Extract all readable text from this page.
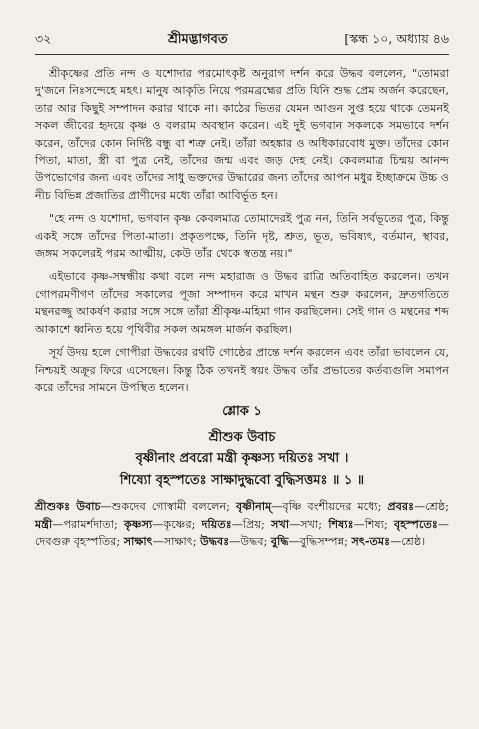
৩২	শ্রীমদ্ভাগবত	[স্কন্ধ ১০, অধ্যায় ৪৬

শ্রীকৃষ্ণের প্রতি নন্দ ও যশোদার পরমোৎকৃষ্ট অনুরাগ দর্শন করে উদ্ধব বললেন, "তোমরা দু'জনে নিঃসন্দেহে মহৎ। মানুষ আকৃতি নিয়ে পরমব্রহ্মের প্রতি যিনি শুদ্ধ প্রেম অর্জন করেছেন, তার আর কিছুই সম্পাদন করার থাকে না। কাঠের ভিতর যেমন আগুন সুপ্ত হয়ে থাকে তেমনই সকল জীবের হৃদয়ে কৃষ্ণ ও বলরাম অবস্থান করেন। এই দুই ভগবান সকলকে সমভাবে দর্শন করেন, তাঁদের কোন নির্দিষ্ট বন্ধু বা শত্রু নেই। তাঁরা অহঙ্কার ও অধিকারবোধ মুক্ত। তাঁদের কোন পিতা, মাতা, স্ত্রী বা পুত্র নেই, তাঁদের জন্ম এবং জড় দেহ নেই। কেবলমাত্র চিন্ময় আনন্দ উপভোগের জন্য এবং তাঁদের সাধু ভক্তদের উদ্ধারের জন্য তাঁদের আপন মধুর ইচ্ছাক্রমে উচ্চ ও নীচ বিভিন্ন প্রজাতির প্রাণীদের মধ্যে তাঁরা আবির্ভূত হন।

"হে নন্দ ও যশোদা, ভগবান কৃষ্ণ কেবলমাত্র তোমাদেরই পুত্র নন, তিনি সর্বভূতের পুত্র, কিন্তু একই সঙ্গে তাঁদের পিতা-মাতা। প্রকৃতপক্ষে, তিনি দৃষ্ট, শ্রুত, ভূত, ভবিষ্যৎ, বর্তমান, স্থাবর, জঙ্গম সকলেরই পরম আত্মীয়, কেউ তাঁর থেকে স্বতন্ত্র নয়।"

এইভাবে কৃষ্ণ-সম্বন্ধীয় কথা বলে নন্দ মহারাজ ও উদ্ধব রাত্রি অতিবাহিত করলেন। তখন গোপরমণীগণ তাঁদের সকালের পূজা সম্পাদন করে মাখন মন্থন শুরু করলেন, দ্রুতগতিতে মন্থনরজ্জু আকর্ষণ করার সঙ্গে সঙ্গে তাঁরা শ্রীকৃষ্ণ-মহিমা গান করছিলেন। সেই গান ও মন্থনের শব্দ আকাশে ধ্বনিত হয়ে পৃথিবীর সকল অমঙ্গল মার্জন করছিল।

সূর্য উদয় হলে গোপীরা উদ্ধবের রথটি গোষ্ঠের প্রান্তে দর্শন করলেন এবং তাঁরা ভাবলেন যে, নিশ্চয়ই অক্রূর ফিরে এসেছেন। কিন্তু ঠিক তখনই স্বয়ং উদ্ধব তাঁর প্রভাতের কর্তব্যগুলি সমাপন করে তাঁদের সামনে উপস্থিত হলেন।

শ্লোক ১
শ্রীশুক উবাচ
বৃষ্ণীনাং প্রবরো মন্ত্রী কৃষ্ণস্য দয়িতঃ সখা ।
শিষ্যো বৃহস্পতেঃ সাক্ষাদুদ্ধবো বুদ্ধিসত্তমঃ ॥ ১ ॥
শ্রীশুকঃ উবাচ—শুকদেব গোস্বামী বললেন; বৃষ্ণীনাম্—বৃষ্ণি বংশীয়দের মধ্যে; প্রবরঃ—শ্রেষ্ঠ; মন্ত্রী—পরামর্শদাতা; কৃষ্ণস্য—কৃষ্ণের; দয়িতঃ—প্রিয়; সখা—সখা; শিষ্যঃ—শিষ্য; বৃহস্পতেঃ—দেবগুরু বৃহস্পতির; সাক্ষাৎ—সাক্ষাৎ; উদ্ধবঃ—উদ্ধব; বুদ্ধি—বুদ্ধিসম্পন্ন; সৎ-তমঃ—শ্রেষ্ঠ।
